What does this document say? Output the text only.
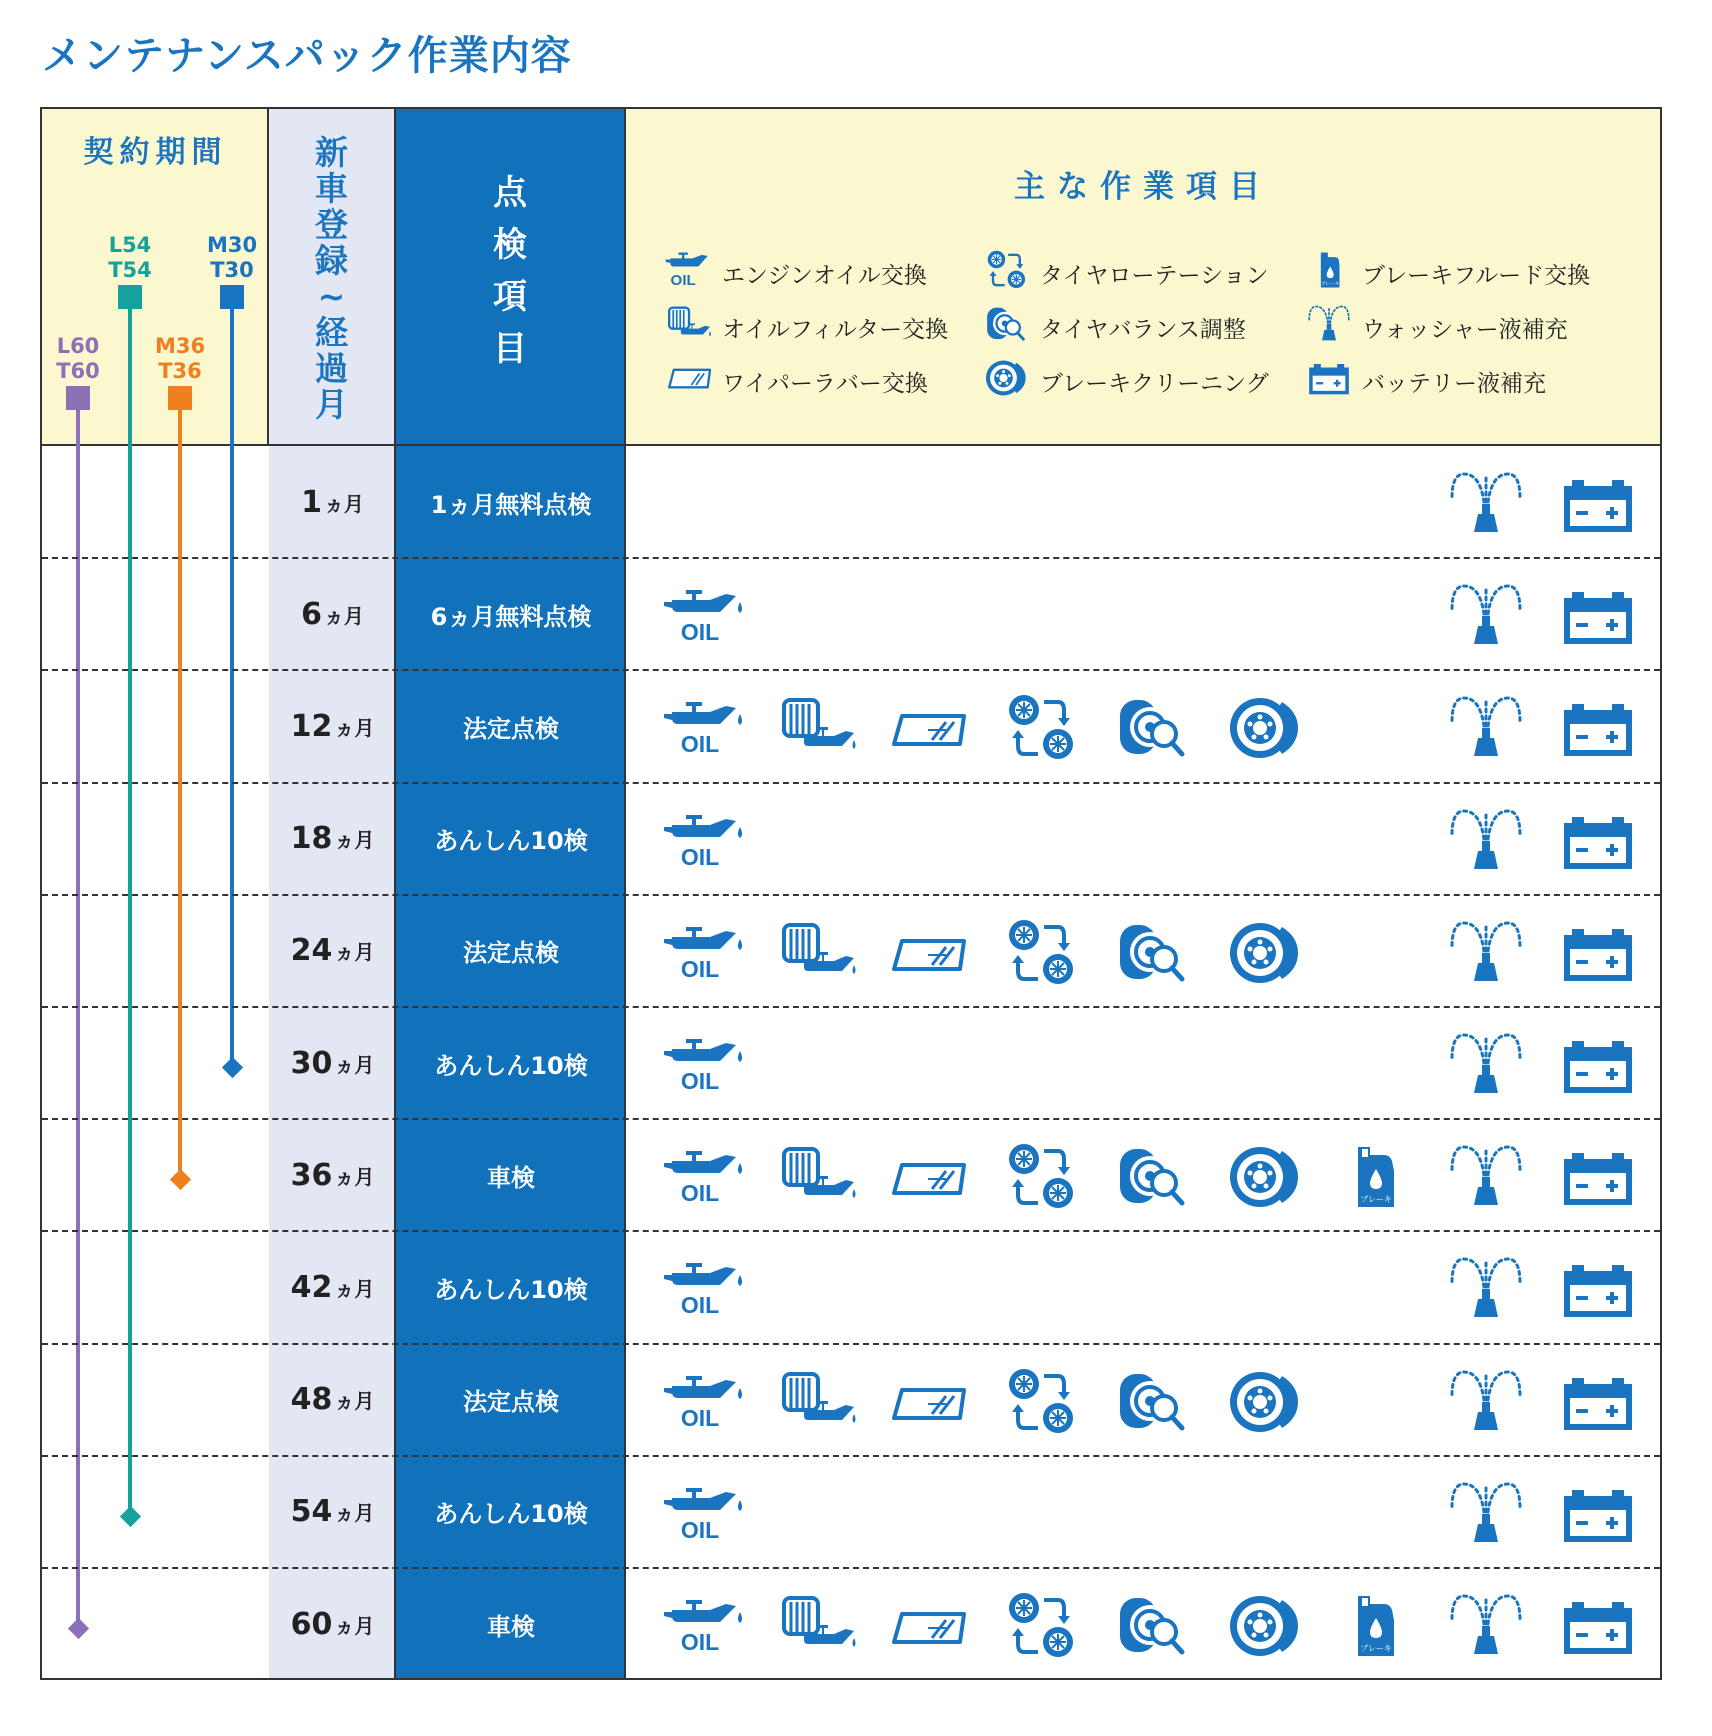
メンテナンスパック作業内容
契約期間	新
車
登
録
~
経
過
月
点
検
項
目
主な作業項目
OIL エンジンオイル交換	タイヤローテーション	ブレーキ ブレーキフルード交換
オイルフィルター交換	タイヤバランス調整	ウォッシャー液補充
ワイパーラバー交換	ブレーキクリーニング	バッテリー液補充
L60
T60
L54
T54
M36
T36
M30
T30
1 ヵ月	1ヵ月無料点検
6 ヵ月	6ヵ月無料点検
OIL
12 ヵ月	法定点検
OIL
18 ヵ月	あんしん10検
OIL
24 ヵ月	法定点検
OIL
30 ヵ月	あんしん10検
OIL
36 ヵ月	車検
OIL	ブレーキ
42 ヵ月	あんしん10検
OIL
48 ヵ月	法定点検
OIL
54 ヵ月	あんしん10検
OIL
60 ヵ月	車検
OIL	ブレーキ
